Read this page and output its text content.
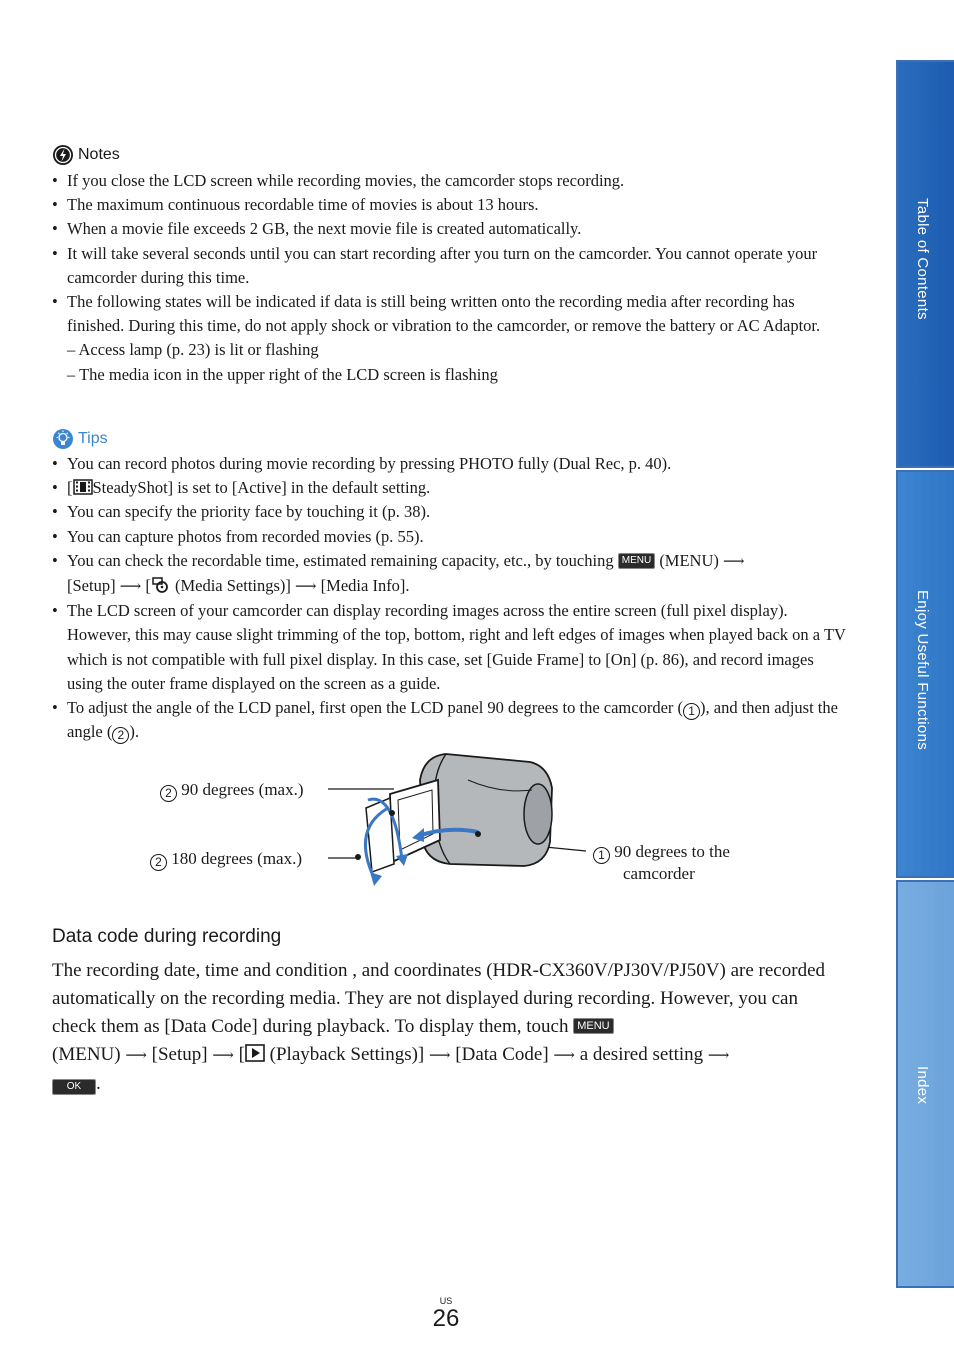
Table of Contents
Enjoy Useful Functions
Index
Notes
• If you close the LCD screen while recording movies, the camcorder stops recording.
• The maximum continuous recordable time of movies is about 13 hours.
• When a movie file exceeds 2 GB, the next movie file is created automatically.
• It will take several seconds until you can start recording after you turn on the camcorder. You cannot operate your camcorder during this time.
• The following states will be indicated if data is still being written onto the recording media after recording has finished. During this time, do not apply shock or vibration to the camcorder, or remove the battery or AC Adaptor.
– Access lamp (p. 23) is lit or flashing
– The media icon in the upper right of the LCD screen is flashing
Tips
• You can record photos during movie recording by pressing PHOTO fully (Dual Rec, p. 40).
• [ SteadyShot] is set to [Active] in the default setting.
• You can specify the priority face by touching it (p. 38).
• You can capture photos from recorded movies (p. 55).
• You can check the recordable time, estimated remaining capacity, etc., by touching MENU (MENU) ⟶
[Setup] ⟶ [ (Media Settings)] ⟶ [Media Info].
• The LCD screen of your camcorder can display recording images across the entire screen (full pixel display). However, this may cause slight trimming of the top, bottom, right and left edges of images when played back on a TV which is not compatible with full pixel display. In this case, set [Guide Frame] to [On] (p. 86), and record images using the outer frame displayed on the screen as a guide.
• To adjust the angle of the LCD panel, first open the LCD panel 90 degrees to the camcorder ( 1 ), and then adjust the angle ( 2 ).
2 90 degrees (max.)
2 180 degrees (max.)	1 90 degrees to the
camcorder
Data code during recording
The recording date, time and condition , and coordinates (HDR-CX360V/PJ30V/PJ50V) are recorded automatically on the recording media. They are not displayed during recording. However, you can check them as [Data Code] during playback. To display them, touch MENU
(MENU) ⟶ [Setup] ⟶ [ (Playback Settings)] ⟶ [Data Code] ⟶ a desired setting ⟶
OK .
US
26
